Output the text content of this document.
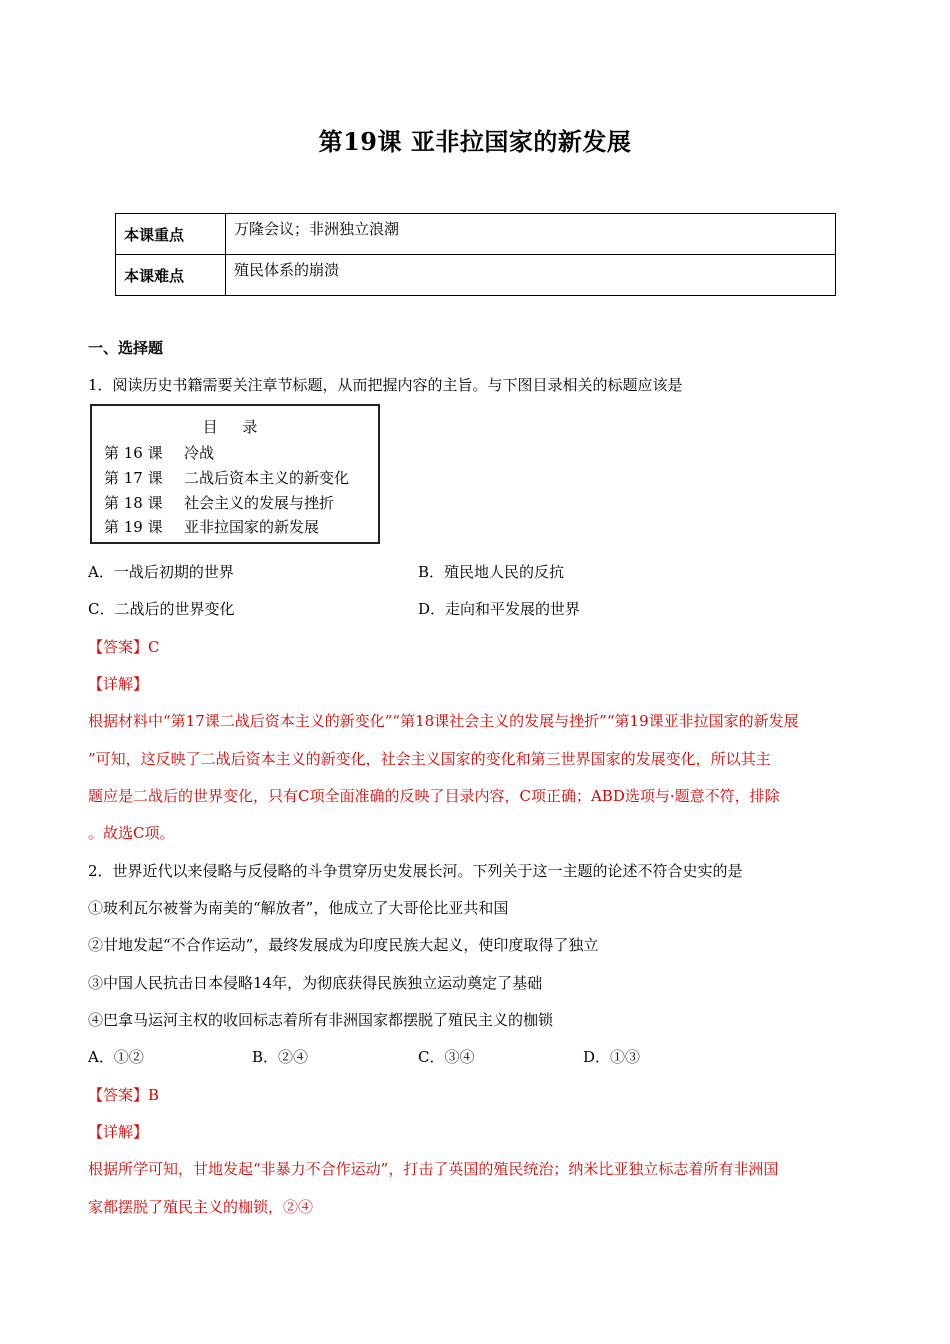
第19课 亚非拉国家的新发展
本课重点	万隆会议；非洲独立浪潮
本课难点	殖民体系的崩溃
一、选择题
1．阅读历史书籍需要关注章节标题，从而把握内容的主旨。与下图目录相关的标题应该是
目 录
第 16 课 冷战
第 17 课 二战后资本主义的新变化
第 18 课 社会主义的发展与挫折
第 19 课 亚非拉国家的新发展
A．一战后初期的世界	B．殖民地人民的反抗
C．二战后的世界变化	D．走向和平发展的世界
【答案】C
【详解】
根据材料中“第17课二战后资本主义的新变化”“第18课社会主义的发展与挫折”“第19课亚非拉国家的新发展
”可知，这反映了二战后资本主义的新变化，社会主义国家的变化和第三世界国家的发展变化，所以其主
题应是二战后的世界变化，只有C项全面准确的反映了目录内容，C项正确；ABD选项与·题意不符，排除
。故选C项。
2．世界近代以来侵略与反侵略的斗争贯穿历史发展长河。下列关于这一主题的论述不符合史实的是
①玻利瓦尔被誉为南美的“解放者”，他成立了大哥伦比亚共和国
②甘地发起“不合作运动”，最终发展成为印度民族大起义，使印度取得了独立
③中国人民抗击日本侵略14年，为彻底获得民族独立运动奠定了基础
④巴拿马运河主权的收回标志着所有非洲国家都摆脱了殖民主义的枷锁
A．①②	B．②④	C．③④	D．①③
【答案】B
【详解】
根据所学可知，甘地发起“非暴力不合作运动”，打击了英国的殖民统治；纳米比亚独立标志着所有非洲国
家都摆脱了殖民主义的枷锁，②④
